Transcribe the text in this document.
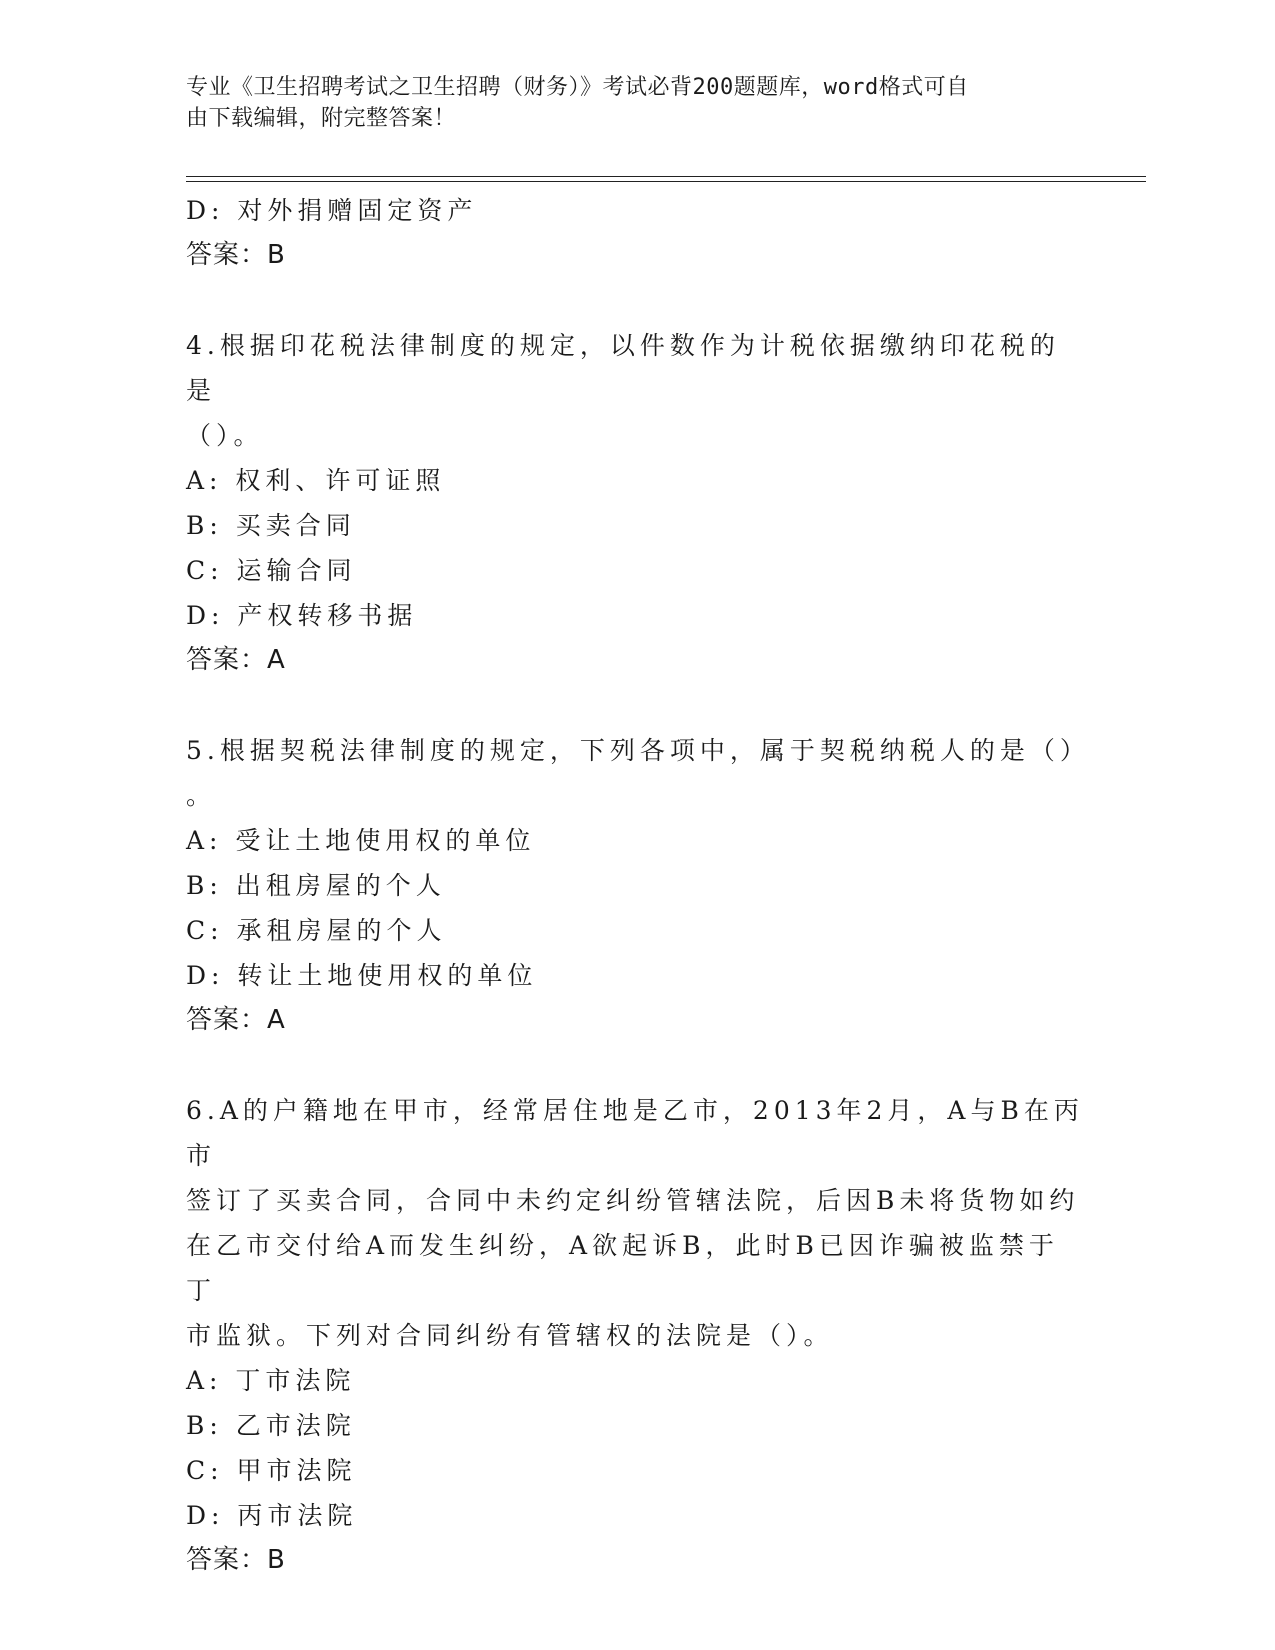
专业《卫生招聘考试之卫生招聘（财务）》考试必背200题题库，word格式可自
由下载编辑，附完整答案！
D: 对外捐赠固定资产
答案：B
4.根据印花税法律制度的规定，以件数作为计税依据缴纳印花税的是
（）。
A: 权利、许可证照
B: 买卖合同
C: 运输合同
D: 产权转移书据
答案：A
5.根据契税法律制度的规定，下列各项中，属于契税纳税人的是（）
。
A: 受让土地使用权的单位
B: 出租房屋的个人
C: 承租房屋的个人
D: 转让土地使用权的单位
答案：A
6.A的户籍地在甲市，经常居住地是乙市，2013年2月，A与B在丙市
签订了买卖合同，合同中未约定纠纷管辖法院，后因B未将货物如约
在乙市交付给A而发生纠纷，A欲起诉B，此时B已因诈骗被监禁于丁
市监狱。下列对合同纠纷有管辖权的法院是（）。
A: 丁市法院
B: 乙市法院
C: 甲市法院
D: 丙市法院
答案：B
